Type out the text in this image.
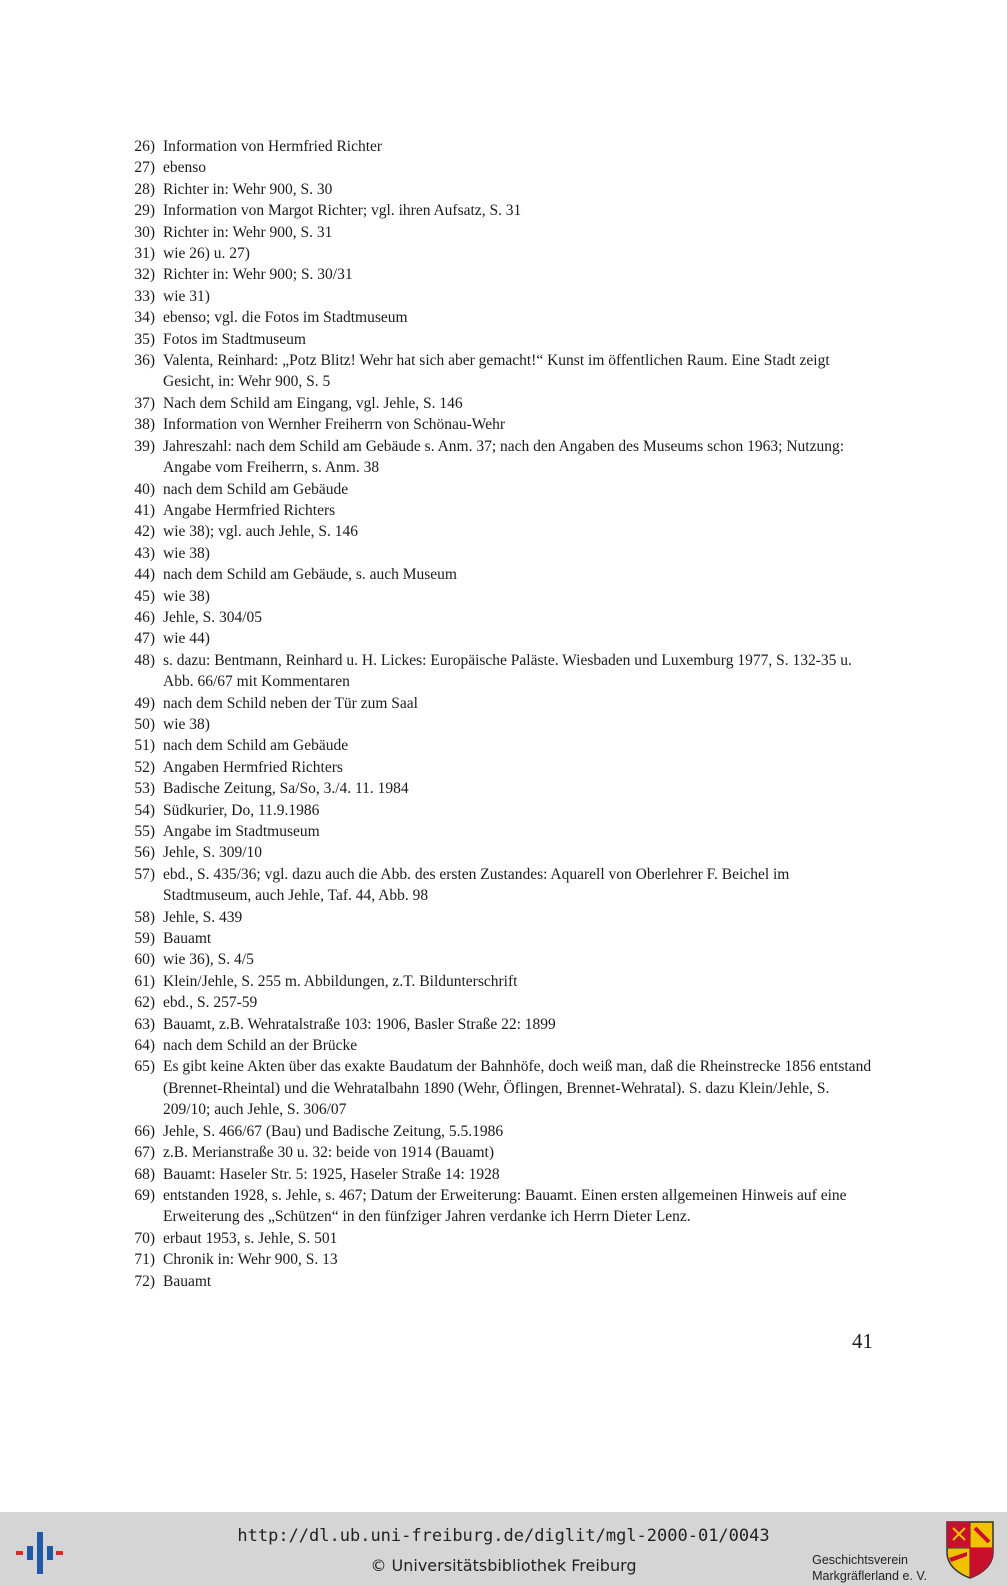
26) Information von Hermfried Richter
27) ebenso
28) Richter in: Wehr 900, S. 30
29) Information von Margot Richter; vgl. ihren Aufsatz, S. 31
30) Richter in: Wehr 900, S. 31
31) wie 26) u. 27)
32) Richter in: Wehr 900; S. 30/31
33) wie 31)
34) ebenso; vgl. die Fotos im Stadtmuseum
35) Fotos im Stadtmuseum
36) Valenta, Reinhard: „Potz Blitz! Wehr hat sich aber gemacht!“ Kunst im öffentlichen Raum. Eine Stadt zeigt Gesicht, in: Wehr 900, S. 5
37) Nach dem Schild am Eingang, vgl. Jehle, S. 146
38) Information von Wernher Freiherrn von Schönau-Wehr
39) Jahreszahl: nach dem Schild am Gebäude s. Anm. 37; nach den Angaben des Museums schon 1963; Nutzung: Angabe vom Freiherrn, s. Anm. 38
40) nach dem Schild am Gebäude
41) Angabe Hermfried Richters
42) wie 38); vgl. auch Jehle, S. 146
43) wie 38)
44) nach dem Schild am Gebäude, s. auch Museum
45) wie 38)
46) Jehle, S. 304/05
47) wie 44)
48) s. dazu: Bentmann, Reinhard u. H. Lickes: Europäische Paläste. Wiesbaden und Luxemburg 1977, S. 132-35 u. Abb. 66/67 mit Kommentaren
49) nach dem Schild neben der Tür zum Saal
50) wie 38)
51) nach dem Schild am Gebäude
52) Angaben Hermfried Richters
53) Badische Zeitung, Sa/So, 3./4. 11. 1984
54) Südkurier, Do, 11.9.1986
55) Angabe im Stadtmuseum
56) Jehle, S. 309/10
57) ebd., S. 435/36; vgl. dazu auch die Abb. des ersten Zustandes: Aquarell von Oberlehrer F. Beichel im Stadtmuseum, auch Jehle, Taf. 44, Abb. 98
58) Jehle, S. 439
59) Bauamt
60) wie 36), S. 4/5
61) Klein/Jehle, S. 255 m. Abbildungen, z.T. Bildunterschrift
62) ebd., S. 257-59
63) Bauamt, z.B. Wehratalstraße 103: 1906, Basler Straße 22: 1899
64) nach dem Schild an der Brücke
65) Es gibt keine Akten über das exakte Baudatum der Bahnhöfe, doch weiß man, daß die Rheinstrecke 1856 entstand (Brennet-Rheintal) und die Wehratalbahn 1890 (Wehr, Öflingen, Brennet-Wehratal). S. dazu Klein/Jehle, S. 209/10; auch Jehle, S. 306/07
66) Jehle, S. 466/67 (Bau) und Badische Zeitung, 5.5.1986
67) z.B. Merianstraße 30 u. 32: beide von 1914 (Bauamt)
68) Bauamt: Haseler Str. 5: 1925, Haseler Straße 14: 1928
69) entstanden 1928, s. Jehle, s. 467; Datum der Erweiterung: Bauamt. Einen ersten allgemeinen Hinweis auf eine Erweiterung des „Schützen“ in den fünfziger Jahren verdanke ich Herrn Dieter Lenz.
70) erbaut 1953, s. Jehle, S. 501
71) Chronik in: Wehr 900, S. 13
72) Bauamt
41
http://dl.ub.uni-freiburg.de/diglit/mgl-2000-01/0043
© Universitätsbibliothek Freiburg	Geschichtsverein
Markgräflerland e. V.
